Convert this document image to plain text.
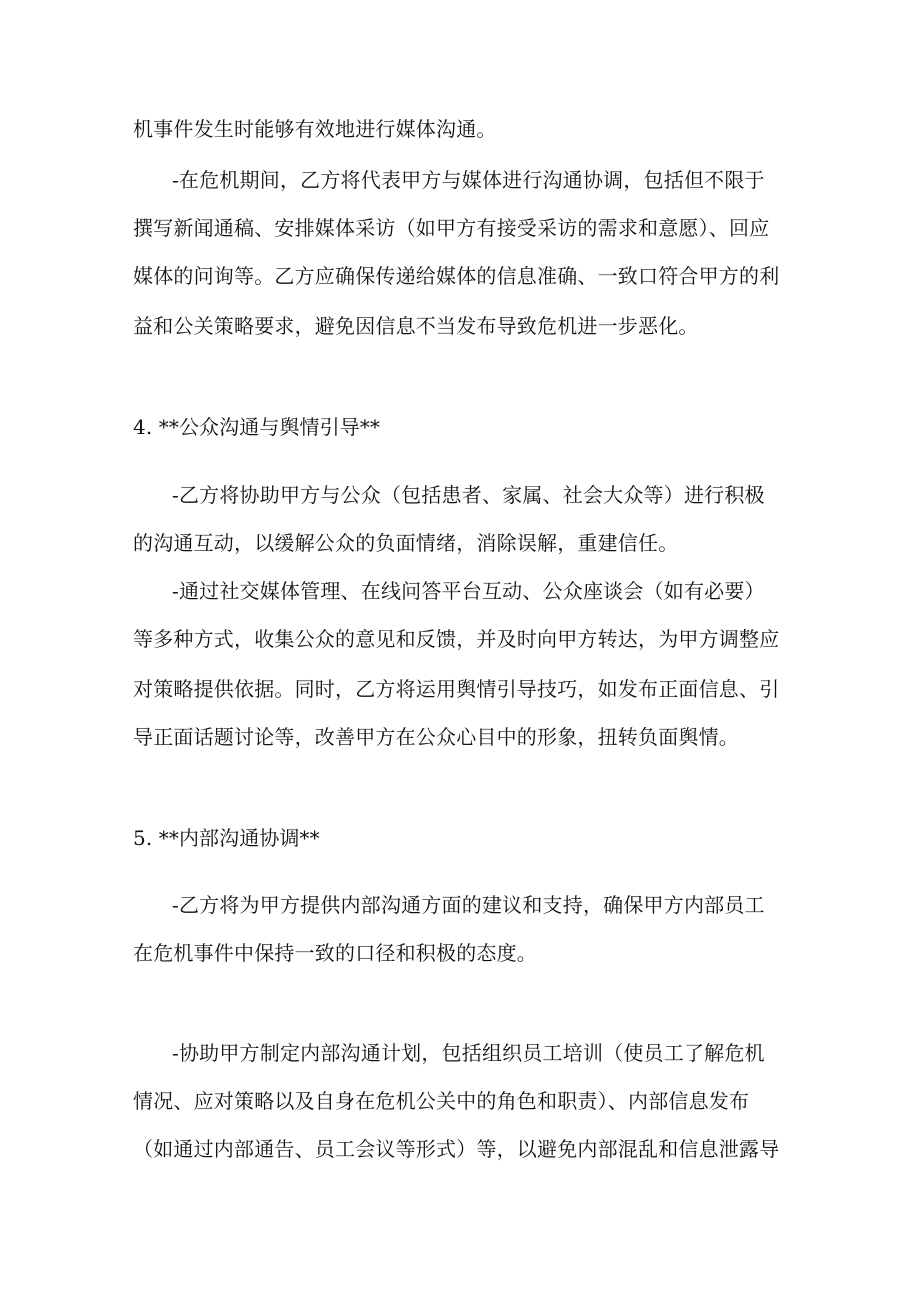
机事件发生时能够有效地进行媒体沟通。
-在危机期间，乙方将代表甲方与媒体进行沟通协调，包括但不限于
撰写新闻通稿、安排媒体采访（如甲方有接受采访的需求和意愿）、回应
媒体的问询等。乙方应确保传递给媒体的信息准确、一致口符合甲方的利
益和公关策略要求，避免因信息不当发布导致危机进一步恶化。
4. **公众沟通与舆情引导**
-乙方将协助甲方与公众（包括患者、家属、社会大众等）进行积极
的沟通互动，以缓解公众的负面情绪，消除误解，重建信任。
-通过社交媒体管理、在线问答平台互动、公众座谈会（如有必要）
等多种方式，收集公众的意见和反馈，并及时向甲方转达，为甲方调整应
对策略提供依据。同时，乙方将运用舆情引导技巧，如发布正面信息、引
导正面话题讨论等，改善甲方在公众心目中的形象，扭转负面舆情。
5. **内部沟通协调**
-乙方将为甲方提供内部沟通方面的建议和支持，确保甲方内部员工
在危机事件中保持一致的口径和积极的态度。
-协助甲方制定内部沟通计划，包括组织员工培训（使员工了解危机
情况、应对策略以及自身在危机公关中的角色和职责）、内部信息发布
（如通过内部通告、员工会议等形式）等，以避免内部混乱和信息泄露导
